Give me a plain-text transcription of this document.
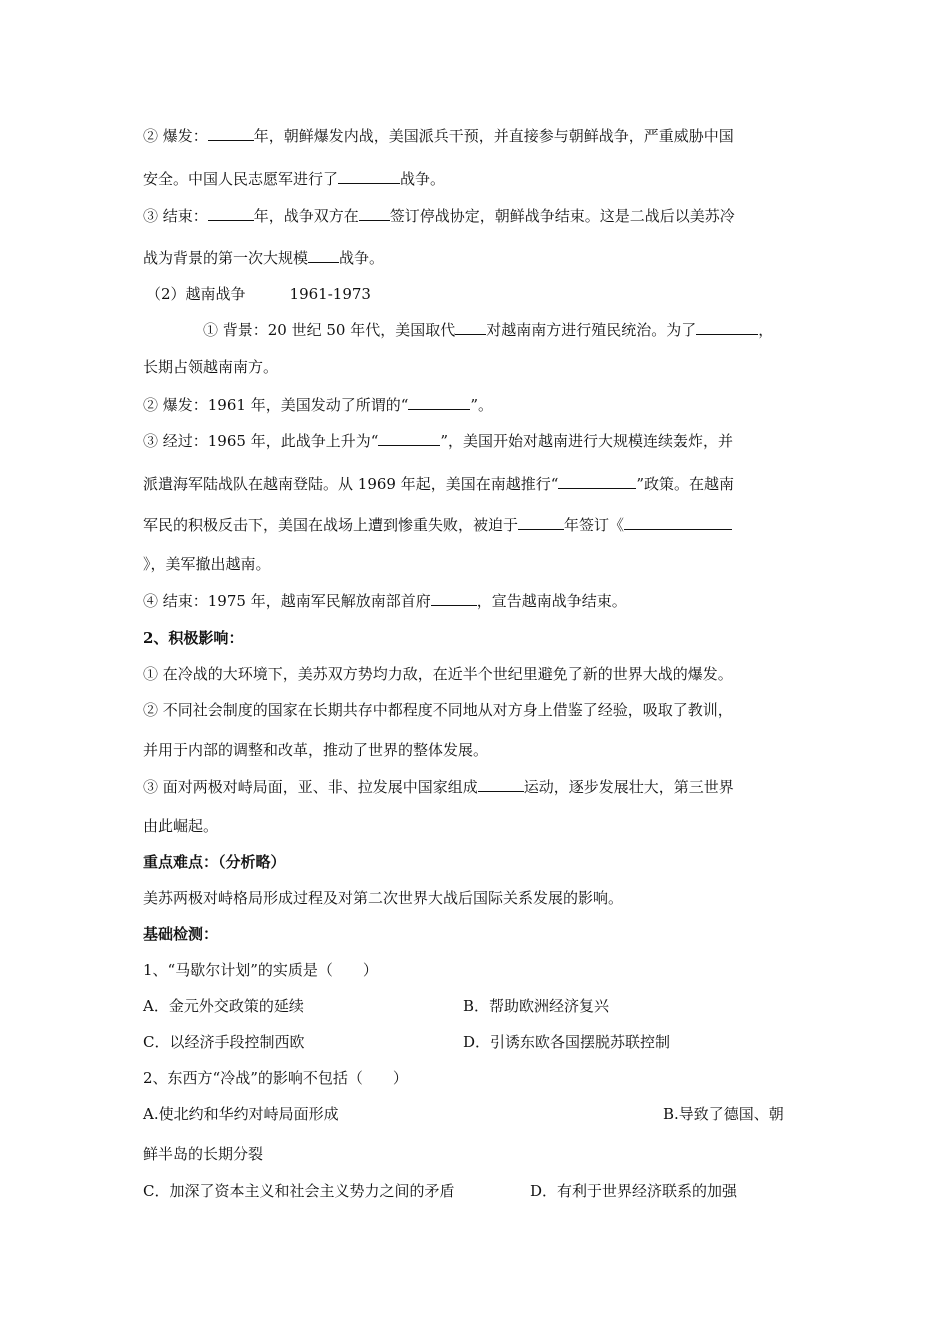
② 爆发：	年，朝鲜爆发内战，美国派兵干预，并直接参与朝鲜战争，严重威胁中国
安全。中国人民志愿军进行了	战争。
③ 结束：	年，战争双方在 签订停战协定，朝鲜战争结束。这是二战后以美苏冷
战为背景的第一次大规模 战争。
（2）越南战争	1961-1973
① 背景：20 世纪 50 年代，美国取代 对越南南方进行殖民统治。为了	，
长期占领越南南方。
② 爆发：1961 年，美国发动了所谓的“	”。
③ 经过：1965 年，此战争上升为“	”，美国开始对越南进行大规模连续轰炸，并
派遣海军陆战队在越南登陆。从 1969 年起，美国在南越推行“	”政策。在越南
军民的积极反击下，美国在战场上遭到惨重失败，被迫于	年签订《
》，美军撤出越南。
④ 结束：1975 年，越南军民解放南部首府	，宣告越南战争结束。
2、积极影响：
① 在冷战的大环境下，美苏双方势均力敌，在近半个世纪里避免了新的世界大战的爆发。
② 不同社会制度的国家在长期共存中都程度不同地从对方身上借鉴了经验，吸取了教训，
并用于内部的调整和改革，推动了世界的整体发展。
③ 面对两极对峙局面，亚、非、拉发展中国家组成	运动，逐步发展壮大，第三世界
由此崛起。
重点难点：（分析略）
美苏两极对峙格局形成过程及对第二次世界大战后国际关系发展的影响。
基础检测：
1、“马歇尔计划”的实质是（　　）
A．金元外交政策的延续	B．帮助欧洲经济复兴
C．以经济手段控制西欧	D．引诱东欧各国摆脱苏联控制
2、东西方“冷战”的影响不包括（　　）
A.使北约和华约对峙局面形成	B.导致了德国、朝
鲜半岛的长期分裂
C．加深了资本主义和社会主义势力之间的矛盾	D．有利于世界经济联系的加强
